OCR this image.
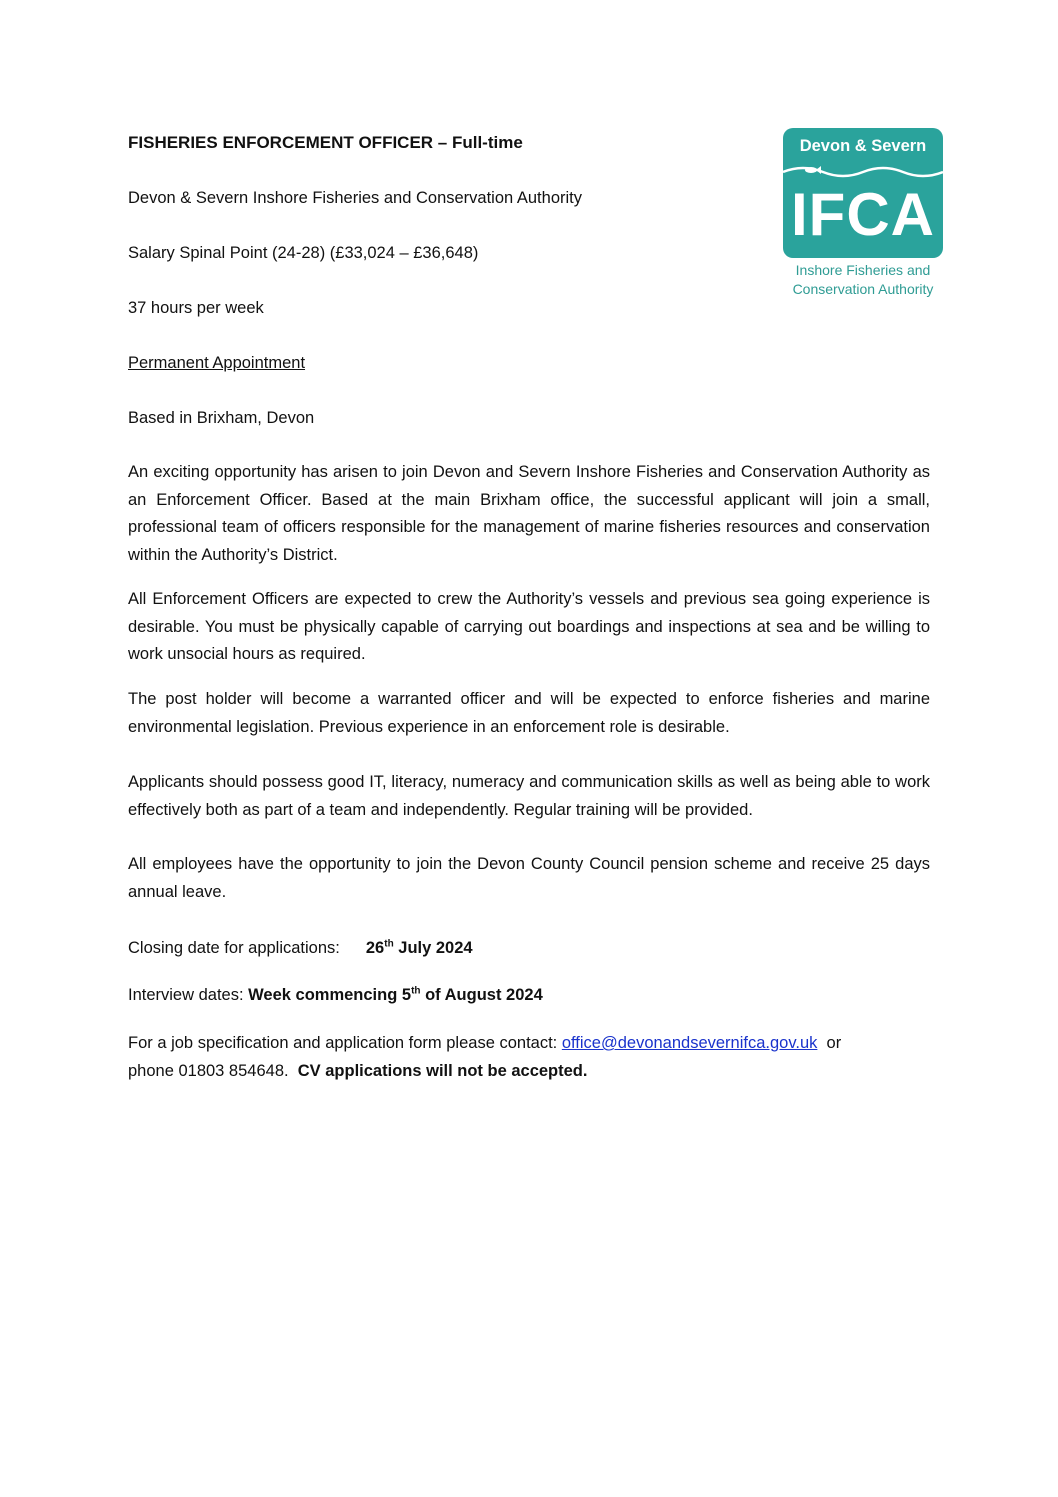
Devon & Severn
IFCA
Inshore Fisheries and
Conservation Authority
FISHERIES ENFORCEMENT OFFICER – Full-time
Devon & Severn Inshore Fisheries and Conservation Authority
Salary Spinal Point (24-28) (£33,024 – £36,648)
37 hours per week
Permanent Appointment
Based in Brixham, Devon
An exciting opportunity has arisen to join Devon and Severn Inshore Fisheries and Conservation Authority as an Enforcement Officer. Based at the main Brixham office, the successful applicant will join a small, professional team of officers responsible for the management of marine fisheries resources and conservation within the Authority’s District.
All Enforcement Officers are expected to crew the Authority’s vessels and previous sea going experience is desirable. You must be physically capable of carrying out boardings and inspections at sea and be willing to work unsocial hours as required.
The post holder will become a warranted officer and will be expected to enforce fisheries and marine environmental legislation. Previous experience in an enforcement role is desirable.
Applicants should possess good IT, literacy, numeracy and communication skills as well as being able to work effectively both as part of a team and independently. Regular training will be provided.
All employees have the opportunity to join the Devon County Council pension scheme and receive 25 days annual leave.
Closing date for applications: 26th July 2024
Interview dates: Week commencing 5th of August 2024
For a job specification and application form please contact: office@devonandsevernifca.gov.uk  or
phone 01803 854648.  CV applications will not be accepted.
